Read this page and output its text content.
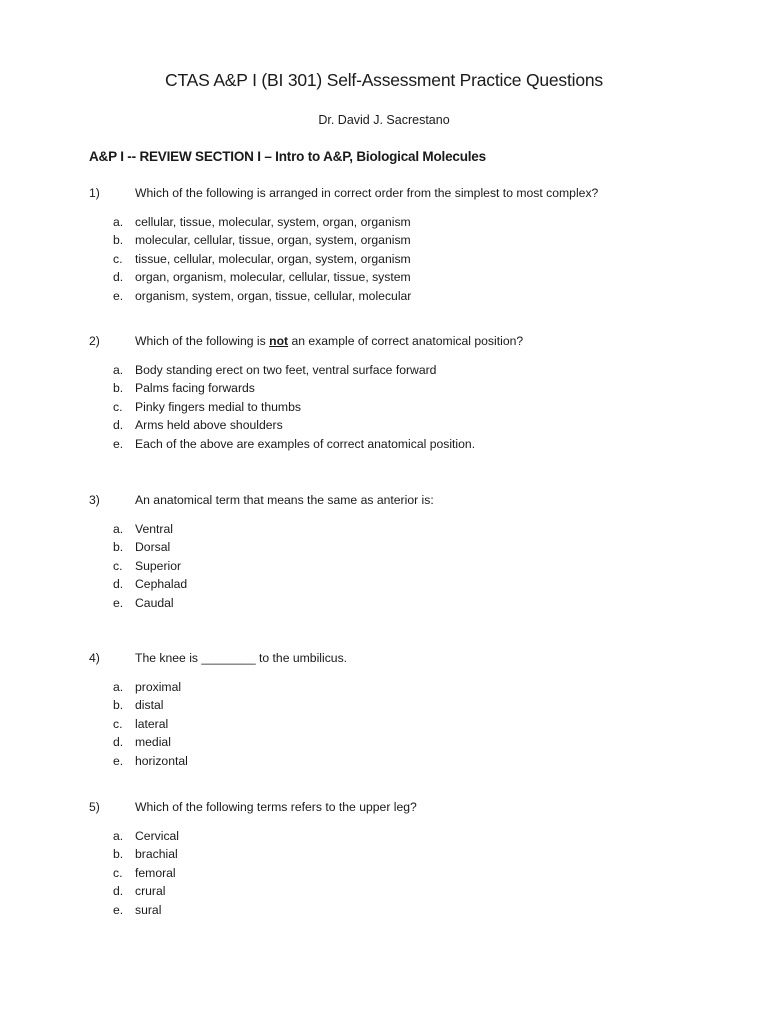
CTAS A&P I (BI 301) Self-Assessment Practice Questions
Dr. David J. Sacrestano
A&P I -- REVIEW SECTION I – Intro to A&P, Biological Molecules
1)	Which of the following is arranged in correct order from the simplest to most complex?
a. cellular, tissue, molecular, system, organ, organism
b. molecular, cellular, tissue, organ, system, organism
c. tissue, cellular, molecular, organ, system, organism
d. organ, organism, molecular, cellular, tissue, system
e. organism, system, organ, tissue, cellular, molecular
2)	Which of the following is not an example of correct anatomical position?
a. Body standing erect on two feet, ventral surface forward
b. Palms facing forwards
c. Pinky fingers medial to thumbs
d. Arms held above shoulders
e. Each of the above are examples of correct anatomical position.
3)	An anatomical term that means the same as anterior is:
a. Ventral
b. Dorsal
c. Superior
d. Cephalad
e. Caudal
4)	The knee is ________ to the umbilicus.
a. proximal
b. distal
c. lateral
d. medial
e. horizontal
5)	Which of the following terms refers to the upper leg?
a. Cervical
b. brachial
c. femoral
d. crural
e. sural
